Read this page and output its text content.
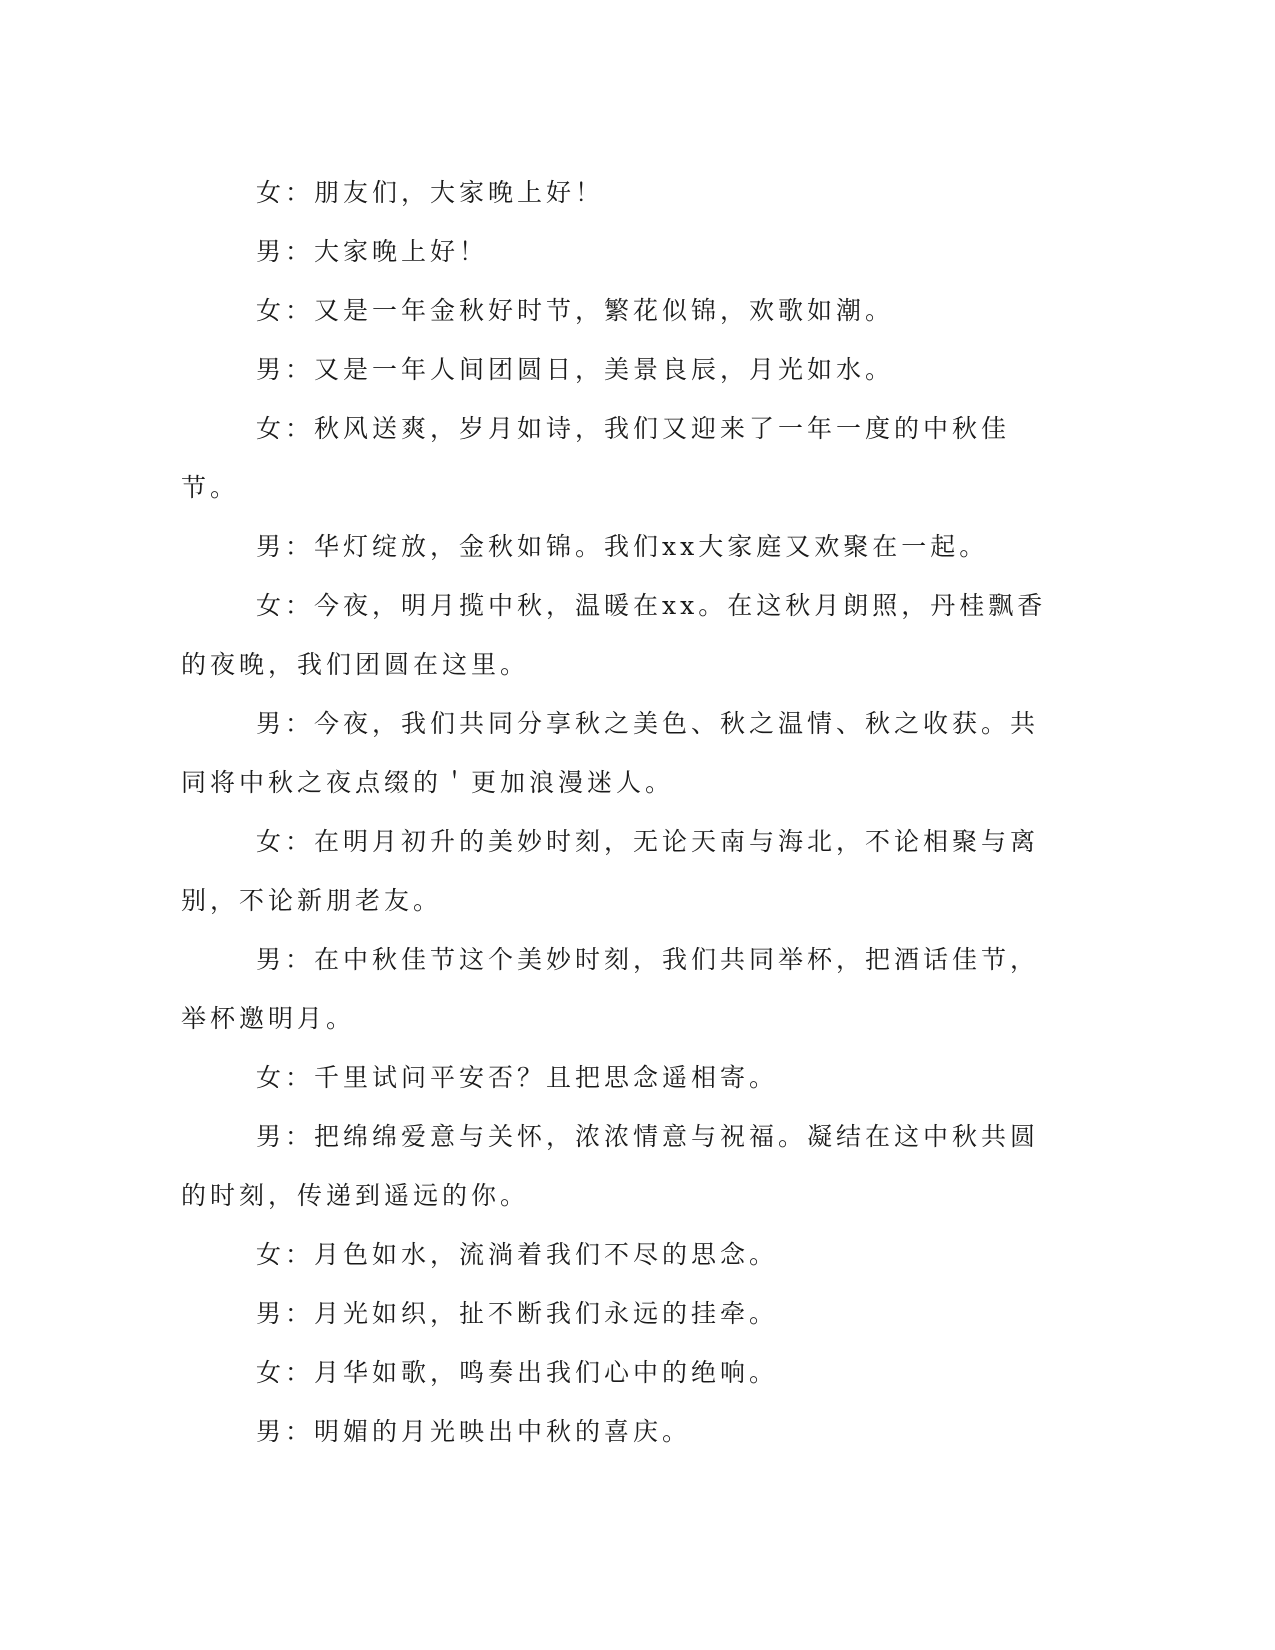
女：朋友们，大家晚上好！

男：大家晚上好！

女：又是一年金秋好时节，繁花似锦，欢歌如潮。

男：又是一年人间团圆日，美景良辰，月光如水。

女：秋风送爽，岁月如诗，我们又迎来了一年一度的中秋佳节。

男：华灯绽放，金秋如锦。我们xx大家庭又欢聚在一起。

女：今夜，明月揽中秋，温暖在xx。在这秋月朗照，丹桂飘香的夜晚，我们团圆在这里。

男：今夜，我们共同分享秋之美色、秋之温情、秋之收获。共同将中秋之夜点缀的＇更加浪漫迷人。

女：在明月初升的美妙时刻，无论天南与海北，不论相聚与离别，不论新朋老友。

男：在中秋佳节这个美妙时刻，我们共同举杯，把酒话佳节，举杯邀明月。

女：千里试问平安否？且把思念遥相寄。

男：把绵绵爱意与关怀，浓浓情意与祝福。凝结在这中秋共圆的时刻，传递到遥远的你。

女：月色如水，流淌着我们不尽的思念。

男：月光如织，扯不断我们永远的挂牵。

女：月华如歌，鸣奏出我们心中的绝响。

男：明媚的月光映出中秋的喜庆。
